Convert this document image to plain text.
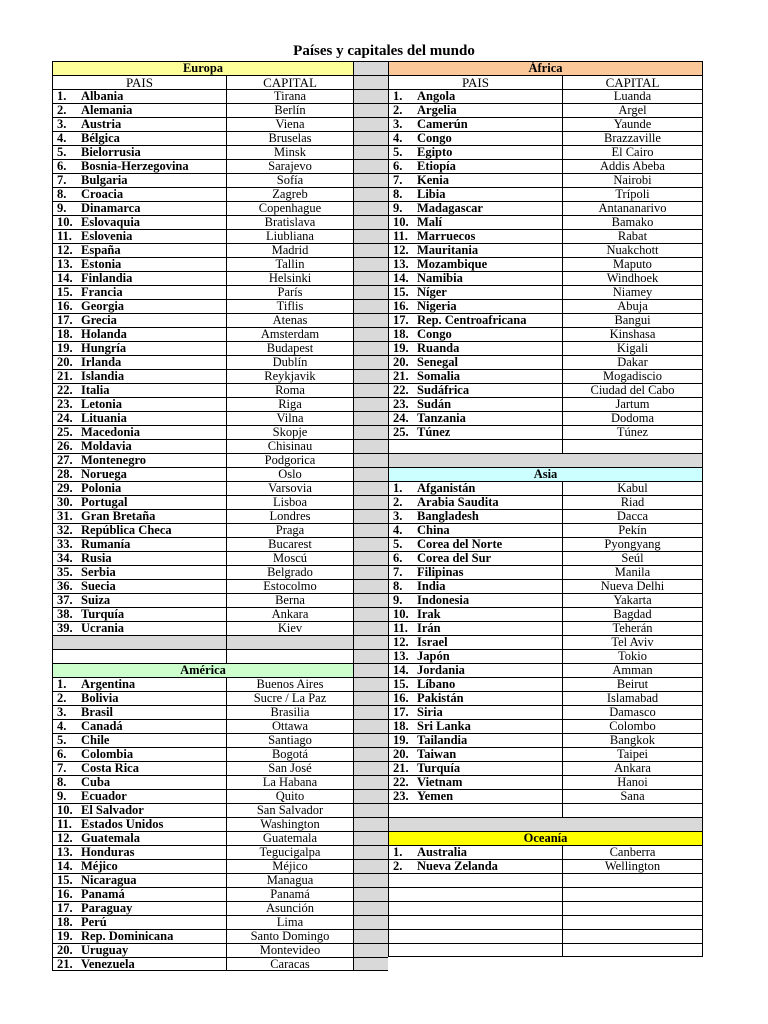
Países y capitales del mundo
Europa
PAIS	CAPITAL
1. Albania	Tirana
2. Alemania	Berlín
3. Austria	Viena
4. Bélgica	Bruselas
5. Bielorrusia	Minsk
6. Bosnia-Herzegovina	Sarajevo
7. Bulgaria	Sofía
8. Croacia	Zagreb
9. Dinamarca	Copenhague
10. Eslovaquia	Bratislava
11. Eslovenia	Liubliana
12. España	Madrid
13. Estonia	Tallin
14. Finlandia	Helsinki
15. Francia	París
16. Georgia	Tiflis
17. Grecia	Atenas
18. Holanda	Amsterdam
19. Hungría	Budapest
20. Irlanda	Dublín
21. Islandia	Reykjavik
22. Italia	Roma
23. Letonia	Riga
24. Lituania	Vilna
25. Macedonia	Skopje
26. Moldavia	Chisinau
27. Montenegro	Podgorica
28. Noruega	Oslo
29. Polonia	Varsovia
30. Portugal	Lisboa
31. Gran Bretaña	Londres
32. República Checa	Praga
33. Rumanía	Bucarest
34. Rusia	Moscú
35. Serbia	Belgrado
36. Suecia	Estocolmo
37. Suiza	Berna
38. Turquía	Ankara
39. Ucrania	Kiev
América
1. Argentina	Buenos Aires
2. Bolivia	Sucre / La Paz
3. Brasil	Brasilia
4. Canadá	Ottawa
5. Chile	Santiago
6. Colombia	Bogotá
7. Costa Rica	San José
8. Cuba	La Habana
9. Ecuador	Quito
10. El Salvador	San Salvador
11. Estados Unidos	Washington
12. Guatemala	Guatemala
13. Honduras	Tegucigalpa
14. Méjico	Méjico
15. Nicaragua	Managua
16. Panamá	Panamá
17. Paraguay	Asunción
18. Perú	Lima
19. Rep. Dominicana	Santo Domingo
20. Uruguay	Montevideo
21. Venezuela	Caracas
África
PAIS	CAPITAL
1. Angola	Luanda
2. Argelia	Argel
3. Camerún	Yaunde
4. Congo	Brazzaville
5. Egipto	El Cairo
6. Etiopía	Addis Abeba
7. Kenia	Nairobi
8. Libia	Trípoli
9. Madagascar	Antananarivo
10. Malí	Bamako
11. Marruecos	Rabat
12. Mauritania	Nuakchott
13. Mozambique	Maputo
14. Namibia	Windhoek
15. Níger	Niamey
16. Nigeria	Abuja
17. Rep. Centroafricana	Bangui
18. Congo	Kinshasa
19. Ruanda	Kigali
20. Senegal	Dakar
21. Somalia	Mogadiscio
22. Sudáfrica	Ciudad del Cabo
23. Sudán	Jartum
24. Tanzania	Dodoma
25. Túnez	Túnez
Asia
1. Afganistán	Kabul
2. Arabia Saudita	Riad
3. Bangladesh	Dacca
4. China	Pekín
5. Corea del Norte	Pyongyang
6. Corea del Sur	Seúl
7. Filipinas	Manila
8. India	Nueva Delhi
9. Indonesia	Yakarta
10. Irak	Bagdad
11. Irán	Teherán
12. Israel	Tel Aviv
13. Japón	Tokio
14. Jordania	Amman
15. Líbano	Beirut
16. Pakistán	Islamabad
17. Siria	Damasco
18. Sri Lanka	Colombo
19. Tailandia	Bangkok
20. Taiwan	Taipei
21. Turquía	Ankara
22. Vietnam	Hanoi
23. Yemen	Sana
Oceanía
1. Australia	Canberra
2. Nueva Zelanda	Wellington
